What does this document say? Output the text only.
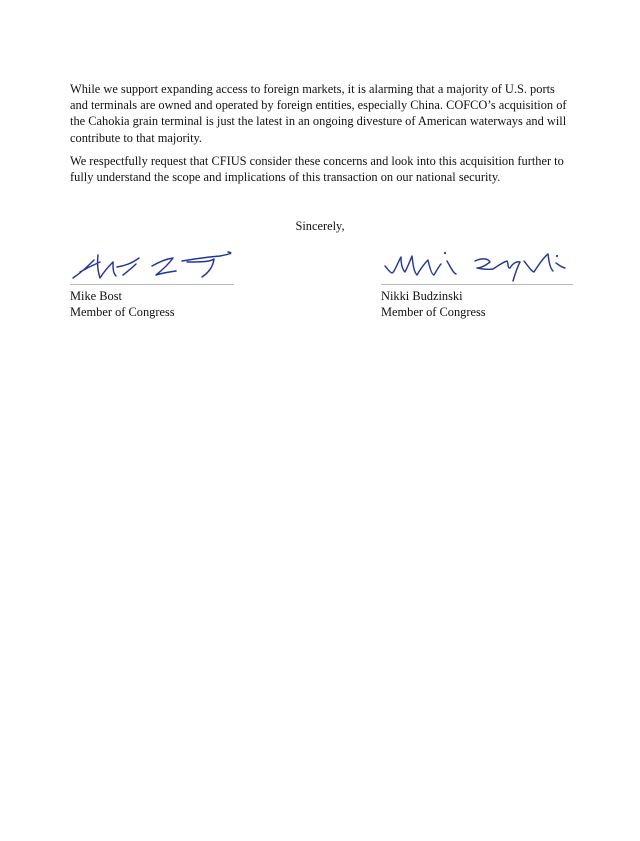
While we support expanding access to foreign markets, it is alarming that a majority of U.S. ports and terminals are owned and operated by foreign entities, especially China. COFCO’s acquisition of the Cahokia grain terminal is just the latest in an ongoing divesture of American waterways and will contribute to that majority.

We respectfully request that CFIUS consider these concerns and look into this acquisition further to fully understand the scope and implications of this transaction on our national security.

Sincerely,
Mike Bost
Member of Congress
Nikki Budzinski
Member of Congress
